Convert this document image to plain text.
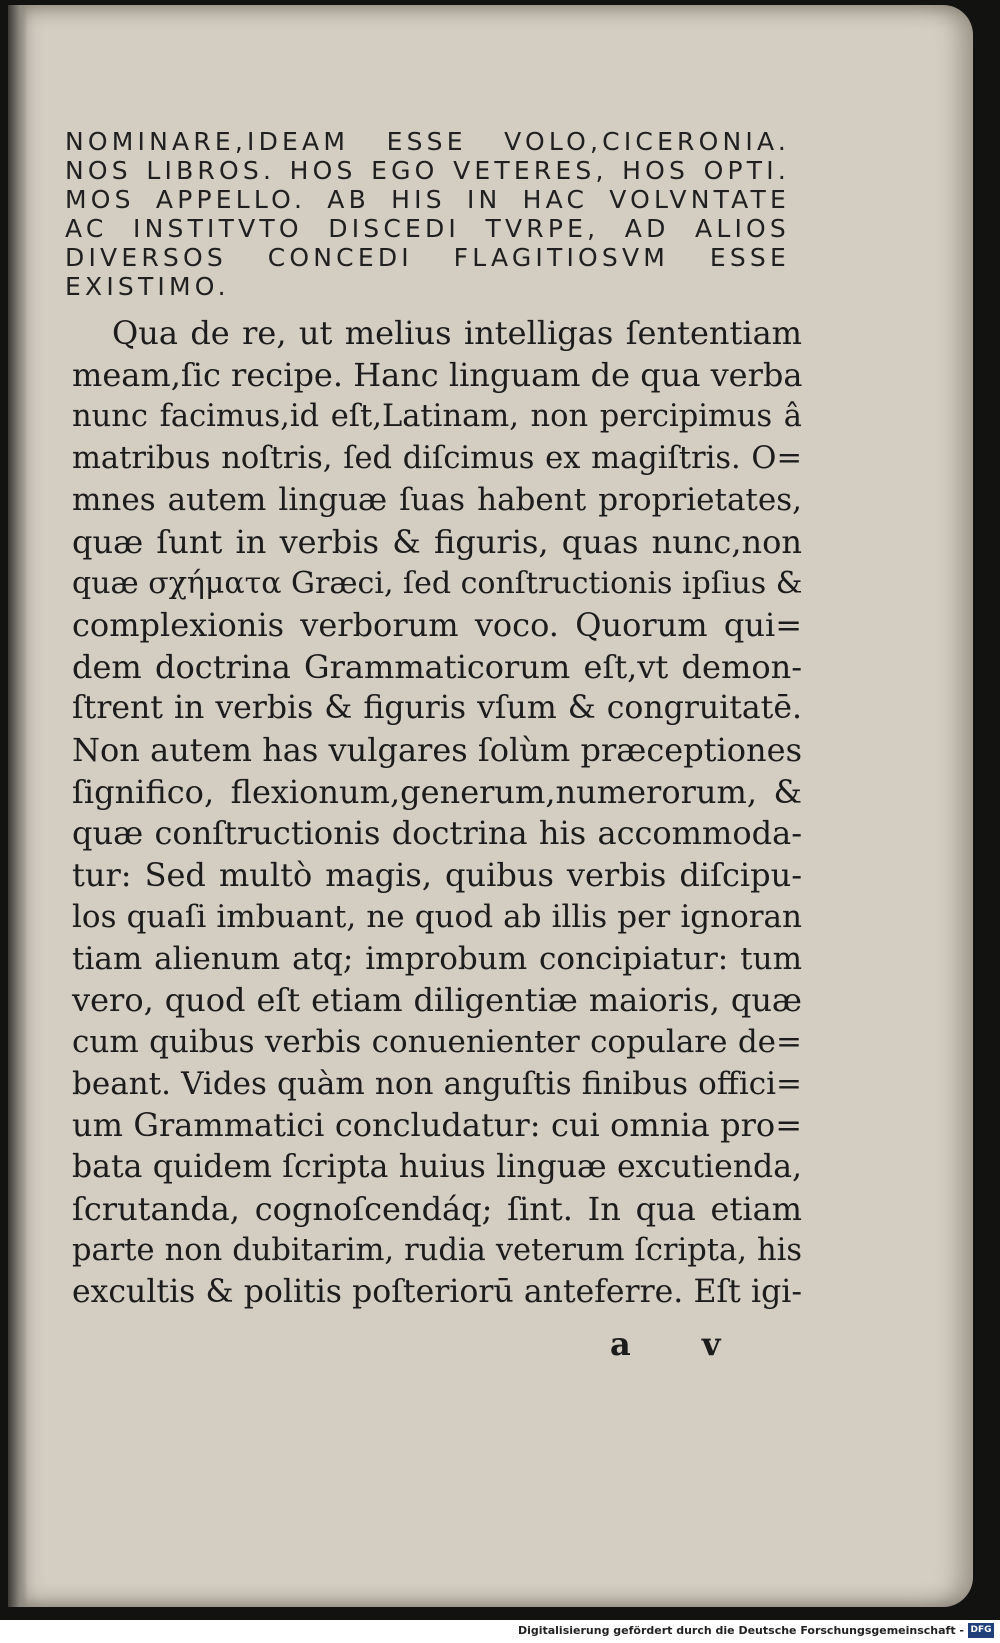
NOMINARE,IDEAM ESSE VOLO,CICERONIA.
NOS LIBROS. HOS EGO VETERES, HOS OPTI.
MOS APPELLO. AB HIS IN HAC VOLVNTATE
AC INSTITVTO DISCEDI TVRPE, AD ALIOS
DIVERSOS CONCEDI FLAGITIOSVM ESSE
EXISTIMO.
Qua de re, ut melius intelligas ſententiam
meam,ſic recipe. Hanc linguam de qua verba
nunc facimus,id eſt,Latinam, non percipimus â
matribus noſtris, ſed diſcimus ex magiſtris. O=
mnes autem linguæ ſuas habent proprietates,
quæ ſunt in verbis & figuris, quas nunc,non
quæ σχήματα Græci, ſed conſtructionis ipſius &
complexionis verborum voco. Quorum qui=
dem doctrina Grammaticorum eſt,vt demon-
ſtrent in verbis & figuris vſum & congruitatē.
Non autem has vulgares ſolùm præceptiones
ſignifico, flexionum,generum,numerorum, &
quæ conſtructionis doctrina his accommoda-
tur: Sed multò magis, quibus verbis diſcipu-
los quaſi imbuant, ne quod ab illis per ignoran
tiam alienum atq; improbum concipiatur: tum
vero, quod eſt etiam diligentiæ maioris, quæ
cum quibus verbis conuenienter copulare de=
beant. Vides quàm non anguſtis finibus offici=
um Grammatici concludatur: cui omnia pro=
bata quidem ſcripta huius linguæ excutienda,
ſcrutanda, cognoſcendáq; ſint. In qua etiam
parte non dubitarim, rudia veterum ſcripta, his
excultis & politis poſteriorū anteferre. Eſt igi-
a v
Digitalisierung gefördert durch die Deutsche Forschungsgemeinschaft - DFG
